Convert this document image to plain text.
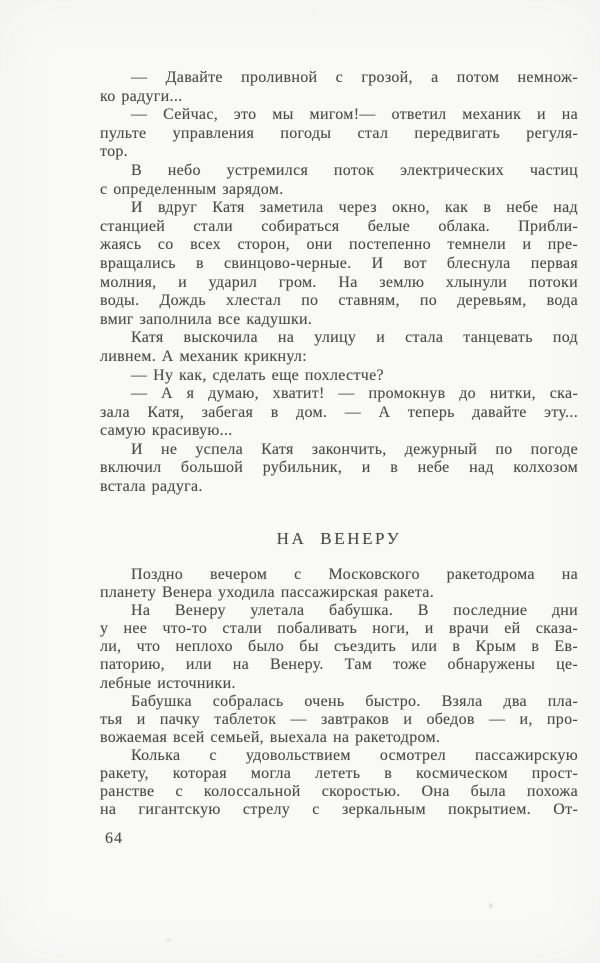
— Давайте проливной с грозой, а потом немнож-
ко радуги...
— Сейчас, это мы мигом!— ответил механик и на
пульте управления погоды стал передвигать регуля-
тор.
В небо устремился поток электрических частиц
с определенным зарядом.
И вдруг Катя заметила через окно, как в небе над
станцией стали собираться белые облака. Прибли-
жаясь со всех сторон, они постепенно темнели и пре-
вращались в свинцово-черные. И вот блеснула первая
молния, и ударил гром. На землю хлынули потоки
воды. Дождь хлестал по ставням, по деревьям, вода
вмиг заполнила все кадушки.
Катя выскочила на улицу и стала танцевать под
ливнем. А механик крикнул:
— Ну как, сделать еще похлестче?
— А я думаю, хватит! — промокнув до нитки, ска-
зала Катя, забегая в дом. — А теперь давайте эту...
самую красивую...
И не успела Катя закончить, дежурный по погоде
включил большой рубильник, и в небе над колхозом
встала радуга.
НА ВЕНЕРУ
Поздно вечером с Московского ракетодрома на
планету Венера уходила пассажирская ракета.
На Венеру улетала бабушка. В последние дни
у нее что-то стали побаливать ноги, и врачи ей сказа-
ли, что неплохо было бы съездить или в Крым в Ев-
паторию, или на Венеру. Там тоже обнаружены це-
лебные источники.
Бабушка собралась очень быстро. Взяла два пла-
тья и пачку таблеток — завтраков и обедов — и, про-
вожаемая всей семьей, выехала на ракетодром.
Колька с удовольствием осмотрел пассажирскую
ракету, которая могла лететь в космическом прост-
ранстве с колоссальной скоростью. Она была похожа
на гигантскую стрелу с зеркальным покрытием. От-
64
